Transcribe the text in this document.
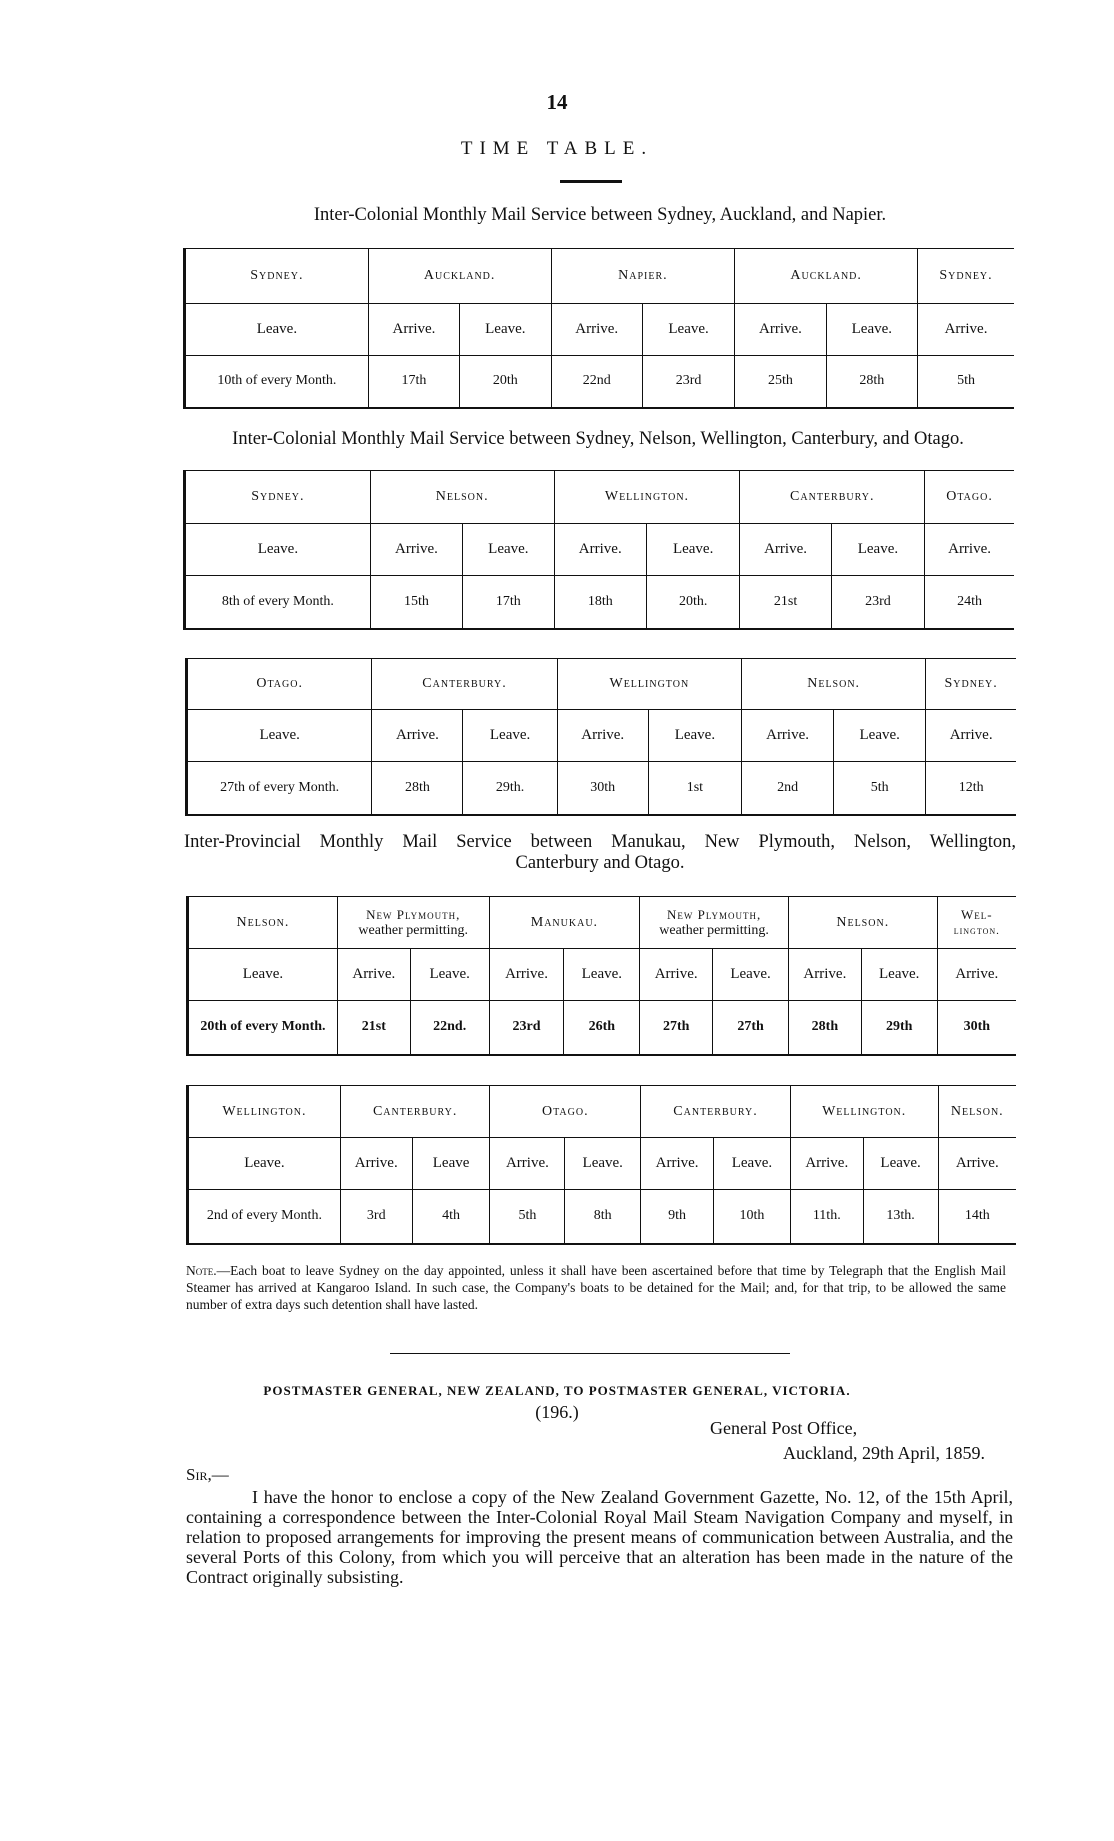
14
TIME TABLE.
Inter-Colonial Monthly Mail Service between Sydney, Auckland, and Napier.
Sydney.	Auckland.		Napier.		Auckland.		Sydney.
Leave.	Arrive.	Leave.	Arrive.	Leave.	Arrive.	Leave.	Arrive.
10th of every Month.	17th	20th	22nd	23rd	25th	28th	5th
Inter-Colonial Monthly Mail Service between Sydney, Nelson, Wellington, Canterbury, and Otago.
Sydney.	Nelson.		Wellington.		Canterbury.		Otago.
Leave.	Arrive.	Leave.	Arrive.	Leave.	Arrive.	Leave.	Arrive.
8th of every Month.	15th	17th	18th	20th.	21st	23rd	24th
Otago.	Canterbury.		Wellington		Nelson.		Sydney.
Leave.	Arrive.	Leave.	Arrive.	Leave.	Arrive.	Leave.	Arrive.
27th of every Month.	28th	29th.	30th	1st	2nd	5th	12th
Inter-Provincial Monthly Mail Service between Manukau, New Plymouth, Nelson, Wellington,
Canterbury and Otago.
Nelson.	New Plymouth,
weather permitting.		Manukau.		New Plymouth,
weather permitting.		Nelson.		Wel-
lington.
Leave.	Arrive.	Leave.	Arrive.	Leave.	Arrive.	Leave.	Arrive.	Leave.	Arrive.
20th of every Month.	21st	22nd.	23rd	26th	27th	27th	28th	29th	30th
Wellington.	Canterbury.		Otago.		Canterbury.		Wellington.		Nelson.
Leave.	Arrive.	Leave	Arrive.	Leave.	Arrive.	Leave.	Arrive.	Leave.	Arrive.
2nd of every Month.	3rd	4th	5th	8th	9th	10th	11th.	13th.	14th
Note.—Each boat to leave Sydney on the day appointed, unless it shall have been ascertained before that time by Telegraph that the English Mail Steamer has arrived at Kangaroo Island. In such case, the Company's boats to be detained for the Mail; and, for that trip, to be allowed the same number of extra days such detention shall have lasted.
POSTMASTER GENERAL, NEW ZEALAND, TO POSTMASTER GENERAL, VICTORIA.
(196.)
General Post Office,
Auckland, 29th April, 1859.
Sir,—
I have the honor to enclose a copy of the New Zealand Government Gazette, No. 12, of the 15th April, containing a correspondence between the Inter-Colonial Royal Mail Steam Navigation Company and myself, in relation to proposed arrangements for improving the present means of communication between Australia, and the several Ports of this Colony, from which you will perceive that an alteration has been made in the nature of the Contract originally subsisting.
